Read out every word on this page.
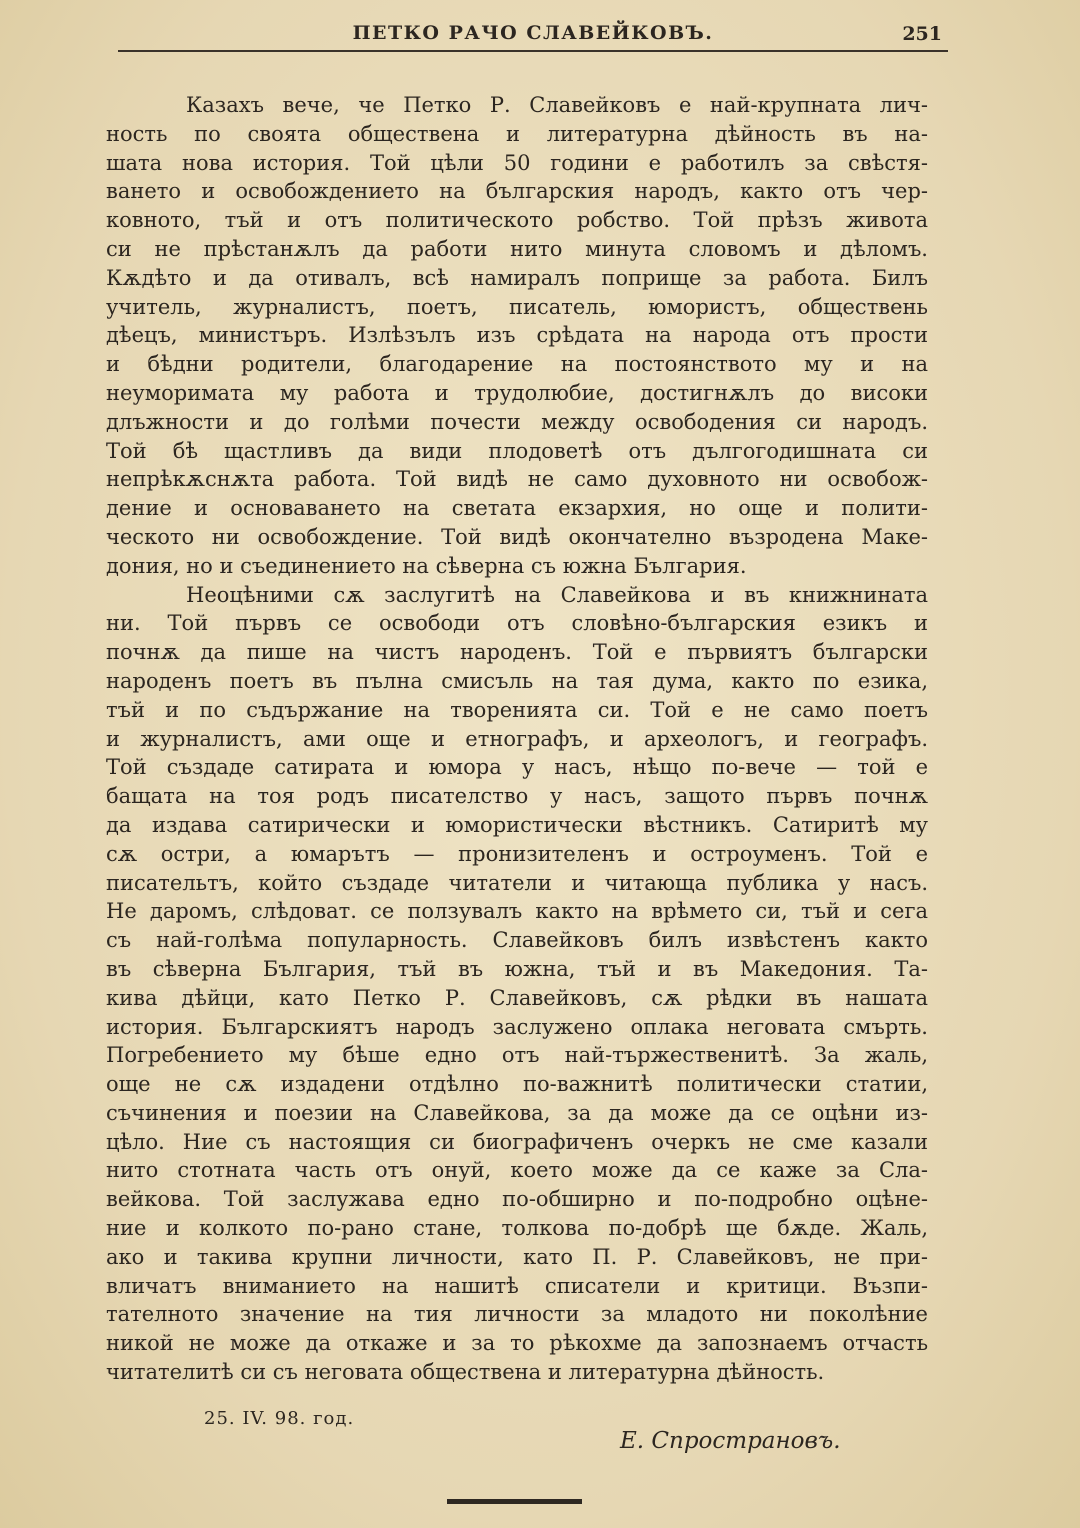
ПЕТКО РАЧО СЛАВЕЙКОВЪ.	251
Казахъ вече, че Петко Р. Славейковъ е най-крупната лич-
ность по своята обществена и литературна дѣйность въ на-
шата нова история. Той цѣли 50 години е работилъ за свѣстя-
ването и освобождението на българския народъ, както отъ чер-
ковното, тъй и отъ политическото робство. Той прѣзъ живота
си не прѣстанѫлъ да работи нито минута словомъ и дѣломъ.
Кѫдѣто и да отивалъ, всѣ намиралъ поприще за работа. Билъ
учитель, журналистъ, поетъ, писатель, юмористъ, обществень
дѣецъ, министъръ. Излѣзълъ изъ срѣдата на народа отъ прости
и бѣдни родители, благодарение на постоянството му и на
неуморимата му работа и трудолюбие, достигнѫлъ до високи
длъжности и до голѣми почести между освободения си народъ.
Той бѣ щастливъ да види плодоветѣ отъ дългогодишната си
непрѣкѫснѫта работа. Той видѣ не само духовното ни освобож-
дение и основаването на светата екзархия, но още и полити-
ческото ни освобождение. Той видѣ окончателно възродена Маке-
дония, но и съединението на сѣверна съ южна България.
Неоцѣними сѫ заслугитѣ на Славейкова и въ книжнината
ни. Той първъ се освободи отъ словѣно-българския езикъ и
почнѫ да пише на чистъ народенъ. Той е първиятъ български
народенъ поетъ въ пълна смисъль на тая дума, както по езика,
тъй и по съдържание на творенията си. Той е не само поетъ
и журналистъ, ами още и етнографъ, и археологъ, и географъ.
Той създаде сатирата и юмора у насъ, нѣщо по-вече — той е
бащата на тоя родъ писателство у насъ, защото първъ почнѫ
да издава сатирически и юмористически вѣстникъ. Сатиритѣ му
сѫ остри, а юмарътъ — пронизителенъ и остроуменъ. Той е
писательтъ, който създаде читатели и читающа публика у насъ.
Не даромъ, слѣдоват. се ползувалъ както на врѣмето си, тъй и сега
съ най-голѣма популарность. Славейковъ билъ извѣстенъ както
въ сѣверна България, тъй въ южна, тъй и въ Македония. Та-
кива дѣйци, като Петко Р. Славейковъ, сѫ рѣдки въ нашата
история. Българскиятъ народъ заслужено оплака неговата смърть.
Погребението му бѣше едно отъ най-тържественитѣ. За жаль,
още не сѫ издадени отдѣлно по-важнитѣ политически статии,
съчинения и поезии на Славейкова, за да може да се оцѣни из-
цѣло. Ние съ настоящия си биографиченъ очеркъ не сме казали
нито стотната часть отъ онуй, което може да се каже за Сла-
вейкова. Той заслужава едно по-обширно и по-подробно оцѣне-
ние и колкото по-рано стане, толкова по-добрѣ ще бѫде. Жаль,
ако и такива крупни личности, като П. Р. Славейковъ, не при-
вличатъ вниманието на нашитѣ списатели и критици. Възпи-
тателното значение на тия личности за младото ни поколѣние
никой не може да откаже и за то рѣкохме да запознаемъ отчасть
читателитѣ си съ неговата обществена и литературна дѣйность.
25. IV. 98. год.
Е. Спространовъ.
